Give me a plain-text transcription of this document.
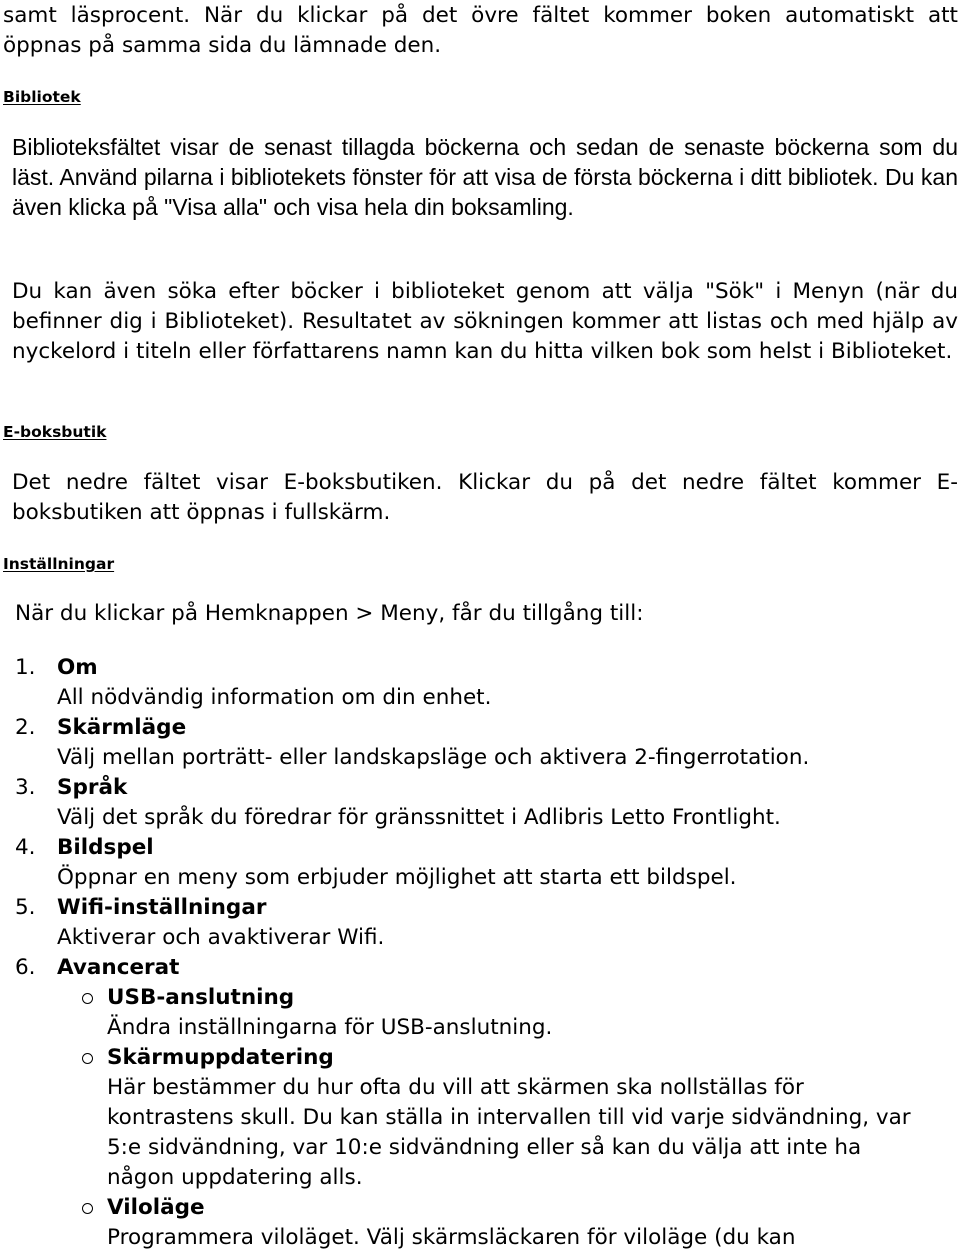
samt läsprocent. När du klickar på det övre fältet kommer boken automatiskt att öppnas på samma sida du lämnade den.

Bibliotek

Biblioteksfältet visar de senast tillagda böckerna och sedan de senaste böckerna som du läst. Använd pilarna i bibliotekets fönster för att visa de första böckerna i ditt bibliotek. Du kan även klicka på "Visa alla" och visa hela din boksamling.

Du kan även söka efter böcker i biblioteket genom att välja "Sök" i Menyn (när du befinner dig i Biblioteket). Resultatet av sökningen kommer att listas och med hjälp av nyckelord i titeln eller författarens namn kan du hitta vilken bok som helst i Biblioteket.

E-boksbutik

Det nedre fältet visar E-boksbutiken. Klickar du på det nedre fältet kommer E-boksbutiken att öppnas i fullskärm.

Inställningar

När du klickar på Hemknappen > Meny, får du tillgång till:

1. Om
All nödvändig information om din enhet.
2. Skärmläge
Välj mellan porträtt- eller landskapsläge och aktivera 2-fingerrotation.
3. Språk
Välj det språk du föredrar för gränssnittet i Adlibris Letto Frontlight.
4. Bildspel
Öppnar en meny som erbjuder möjlighet att starta ett bildspel.
5. Wifi-inställningar
Aktiverar och avaktiverar Wifi.
6. Avancerat
USB-anslutning
Ändra inställningarna för USB-anslutning.
Skärmuppdatering
Här bestämmer du hur ofta du vill att skärmen ska nollställas för kontrastens skull. Du kan ställa in intervallen till vid varje sidvändning, var 5:e sidvändning, var 10:e sidvändning eller så kan du välja att inte ha någon uppdatering alls.
Viloläge
Programmera viloläget. Välj skärmsläckaren för viloläge (du kan
